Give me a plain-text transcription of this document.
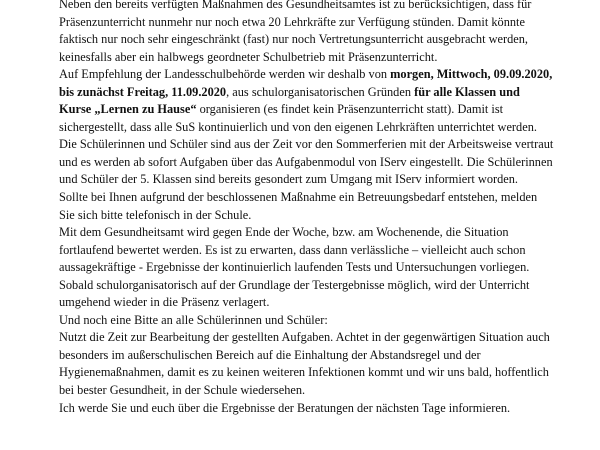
Neben den bereits verfügten Maßnahmen des Gesundheitsamtes ist zu berücksichtigen, dass für
Präsenzunterricht nunmehr nur noch etwa 20 Lehrkräfte zur Verfügung stünden. Damit könnte
faktisch nur noch sehr eingeschränkt (fast) nur noch Vertretungsunterricht ausgebracht werden,
keinesfalls aber ein halbwegs geordneter Schulbetrieb mit Präsenzunterricht.
Auf Empfehlung der Landesschulbehörde werden wir deshalb von morgen, Mittwoch, 09.09.2020,
bis zunächst Freitag, 11.09.2020, aus schulorganisatorischen Gründen für alle Klassen und
Kurse „Lernen zu Hause“ organisieren (es findet kein Präsenzunterricht statt). Damit ist
sichergestellt, dass alle SuS kontinuierlich und von den eigenen Lehrkräften unterrichtet werden.
Die Schülerinnen und Schüler sind aus der Zeit vor den Sommerferien mit der Arbeitsweise vertraut
und es werden ab sofort Aufgaben über das Aufgabenmodul von IServ eingestellt. Die Schülerinnen
und Schüler der 5. Klassen sind bereits gesondert zum Umgang mit IServ informiert worden.
Sollte bei Ihnen aufgrund der beschlossenen Maßnahme ein Betreuungsbedarf entstehen, melden
Sie sich bitte telefonisch in der Schule.
Mit dem Gesundheitsamt wird gegen Ende der Woche, bzw. am Wochenende, die Situation
fortlaufend bewertet werden. Es ist zu erwarten, dass dann verlässliche – vielleicht auch schon
aussagekräftige - Ergebnisse der kontinuierlich laufenden Tests und Untersuchungen vorliegen.
Sobald schulorganisatorisch auf der Grundlage der Testergebnisse möglich, wird der Unterricht
umgehend wieder in die Präsenz verlagert.
Und noch eine Bitte an alle Schülerinnen und Schüler:
Nutzt die Zeit zur Bearbeitung der gestellten Aufgaben. Achtet in der gegenwärtigen Situation auch
besonders im außerschulischen Bereich auf die Einhaltung der Abstandsregel und der
Hygienemaßnahmen, damit es zu keinen weiteren Infektionen kommt und wir uns bald, hoffentlich
bei bester Gesundheit, in der Schule wiedersehen.
Ich werde Sie und euch über die Ergebnisse der Beratungen der nächsten Tage informieren.
